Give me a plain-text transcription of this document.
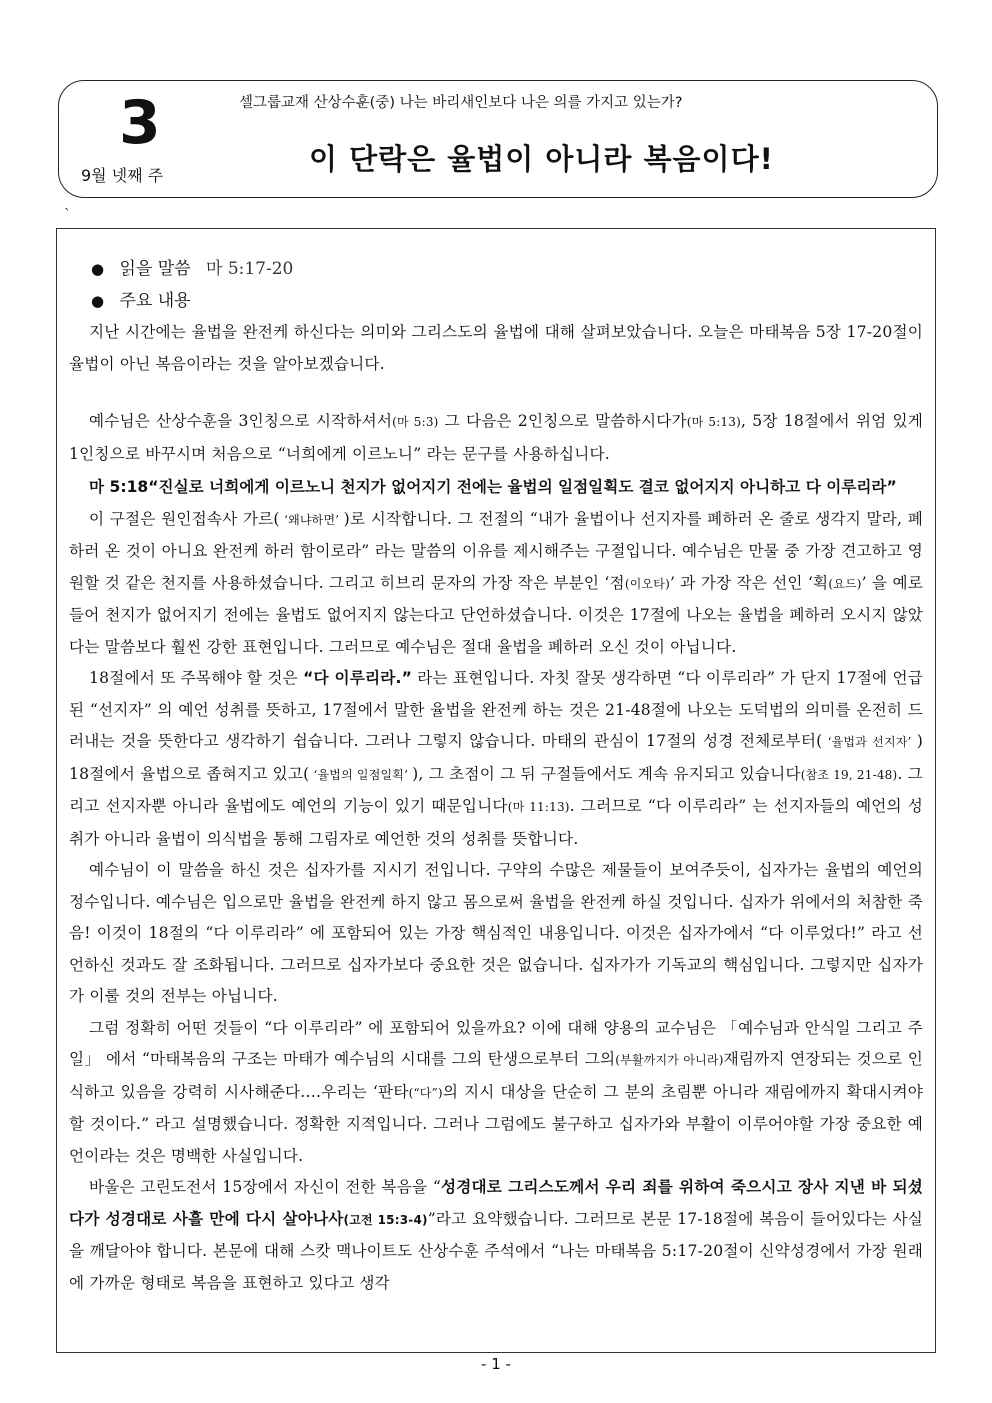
3
9월 넷째 주
셀그룹교재 산상수훈(중) 나는 바리새인보다 나은 의를 가지고 있는가?
이 단락은 율법이 아니라 복음이다!
`
● 읽을 말씀 마 5:17-20
● 주요 내용

지난 시간에는 율법을 완전케 하신다는 의미와 그리스도의 율법에 대해 살펴보았습니다. 오늘은 마태복음 5장 17-20절이 율법이 아닌 복음이라는 것을 알아보겠습니다.

예수님은 산상수훈을 3인칭으로 시작하셔서(마 5:3) 그 다음은 2인칭으로 말씀하시다가(마 5:13), 5장 18절에서 위엄 있게 1인칭으로 바꾸시며 처음으로 “너희에게 이르노니” 라는 문구를 사용하십니다.

마 5:18“진실로 너희에게 이르노니 천지가 없어지기 전에는 율법의 일점일획도 결코 없어지지 아니하고 다 이루리라”

이 구절은 원인접속사 가르( ‘왜냐하면’ )로 시작합니다. 그 전절의 “내가 율법이나 선지자를 폐하러 온 줄로 생각지 말라, 폐하러 온 것이 아니요 완전케 하러 함이로라” 라는 말씀의 이유를 제시해주는 구절입니다. 예수님은 만물 중 가장 견고하고 영원할 것 같은 천지를 사용하셨습니다. 그리고 히브리 문자의 가장 작은 부분인 ‘점(이오타)’ 과 가장 작은 선인 ‘획(요드)’ 을 예로 들어 천지가 없어지기 전에는 율법도 없어지지 않는다고 단언하셨습니다. 이것은 17절에 나오는 율법을 폐하러 오시지 않았다는 말씀보다 훨씬 강한 표현입니다. 그러므로 예수님은 절대 율법을 폐하러 오신 것이 아닙니다.

18절에서 또 주목해야 할 것은 “다 이루리라.” 라는 표현입니다. 자칫 잘못 생각하면 “다 이루리라” 가 단지 17절에 언급된 “선지자” 의 예언 성취를 뜻하고, 17절에서 말한 율법을 완전케 하는 것은 21-48절에 나오는 도덕법의 의미를 온전히 드러내는 것을 뜻한다고 생각하기 쉽습니다. 그러나 그렇지 않습니다. 마태의 관심이 17절의 성경 전체로부터( ‘율법과 선지자’ ) 18절에서 율법으로 좁혀지고 있고( ‘율법의 일점일획’ ), 그 초점이 그 뒤 구절들에서도 계속 유지되고 있습니다(참조 19, 21-48). 그리고 선지자뿐 아니라 율법에도 예언의 기능이 있기 때문입니다(마 11:13). 그러므로 “다 이루리라” 는 선지자들의 예언의 성취가 아니라 율법이 의식법을 통해 그림자로 예언한 것의 성취를 뜻합니다.

예수님이 이 말씀을 하신 것은 십자가를 지시기 전입니다. 구약의 수많은 제물들이 보여주듯이, 십자가는 율법의 예언의 정수입니다. 예수님은 입으로만 율법을 완전케 하지 않고 몸으로써 율법을 완전케 하실 것입니다. 십자가 위에서의 처참한 죽음! 이것이 18절의 “다 이루리라” 에 포함되어 있는 가장 핵심적인 내용입니다. 이것은 십자가에서 “다 이루었다!” 라고 선언하신 것과도 잘 조화됩니다. 그러므로 십자가보다 중요한 것은 없습니다. 십자가가 기독교의 핵심입니다. 그렇지만 십자가가 이룰 것의 전부는 아닙니다.

그럼 정확히 어떤 것들이 “다 이루리라” 에 포함되어 있을까요? 이에 대해 양용의 교수님은 「예수님과 안식일 그리고 주일」 에서 “마태복음의 구조는 마태가 예수님의 시대를 그의 탄생으로부터 그의(부활까지가 아니라)재림까지 연장되는 것으로 인식하고 있음을 강력히 시사해준다.…우리는 ‘판타(“다”)의 지시 대상을 단순히 그 분의 초림뿐 아니라 재림에까지 확대시켜야 할 것이다.” 라고 설명했습니다. 정확한 지적입니다. 그러나 그럼에도 불구하고 십자가와 부활이 이루어야할 가장 중요한 예언이라는 것은 명백한 사실입니다.

바울은 고린도전서 15장에서 자신이 전한 복음을 “성경대로 그리스도께서 우리 죄를 위하여 죽으시고 장사 지낸 바 되셨다가 성경대로 사흘 만에 다시 살아나사(고전 15:3-4)”라고 요약했습니다. 그러므로 본문 17-18절에 복음이 들어있다는 사실을 깨달아야 합니다. 본문에 대해 스캇 맥나이트도 산상수훈 주석에서 “나는 마태복음 5:17-20절이 신약성경에서 가장 원래에 가까운 형태로 복음을 표현하고 있다고 생각

- 1 -
